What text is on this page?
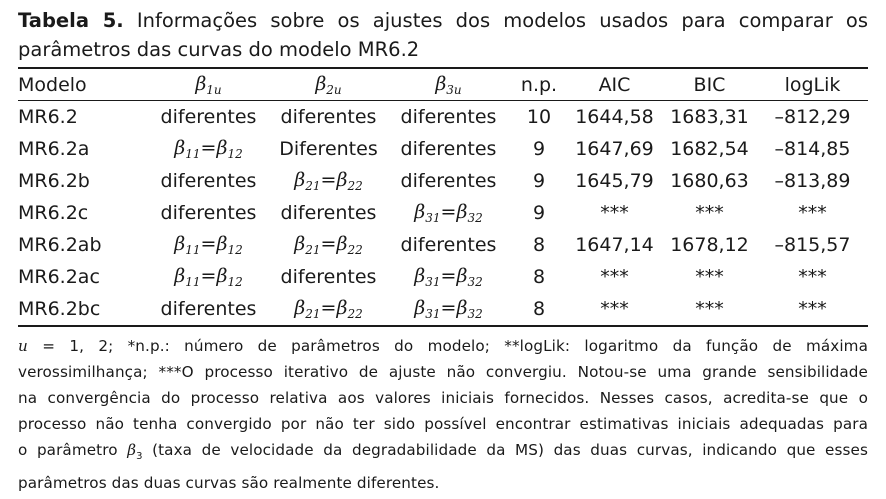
Tabela 5. Informações sobre os ajustes dos modelos usados para comparar os
parâmetros das curvas do modelo MR6.2

Modelo	$\beta_{1u}$	$\beta_{2u}$	$\beta_{3u}$	n.p.	AIC	BIC	logLik
MR6.2	diferentes	diferentes	diferentes	10	1644,58	1683,31	–812,29
MR6.2a	$\beta_{11}=\beta_{12}$	Diferentes	diferentes	9	1647,69	1682,54	–814,85
MR6.2b	diferentes	$\beta_{21}=\beta_{22}$	diferentes	9	1645,79	1680,63	–813,89
MR6.2c	diferentes	diferentes	$\beta_{31}=\beta_{32}$	9	***	***	***
MR6.2ab	$\beta_{11}=\beta_{12}$	$\beta_{21}=\beta_{22}$	diferentes	8	1647,14	1678,12	–815,57
MR6.2ac	$\beta_{11}=\beta_{12}$	diferentes	$\beta_{31}=\beta_{32}$	8	***	***	***
MR6.2bc	diferentes	$\beta_{21}=\beta_{22}$	$\beta_{31}=\beta_{32}$	8	***	***	***
u = 1, 2; *n.p.: número de parâmetros do modelo; **logLik: logaritmo da função de máxima
verossimilhança; ***O processo iterativo de ajuste não convergiu. Notou-se uma grande sensibilidade
na convergência do processo relativa aos valores iniciais fornecidos. Nesses casos, acredita-se que o
processo não tenha convergido por não ter sido possível encontrar estimativas iniciais adequadas para
o parâmetro $\beta_3$ (taxa de velocidade da degradabilidade da MS) das duas curvas, indicando que esses
parâmetros das duas curvas são realmente diferentes.
